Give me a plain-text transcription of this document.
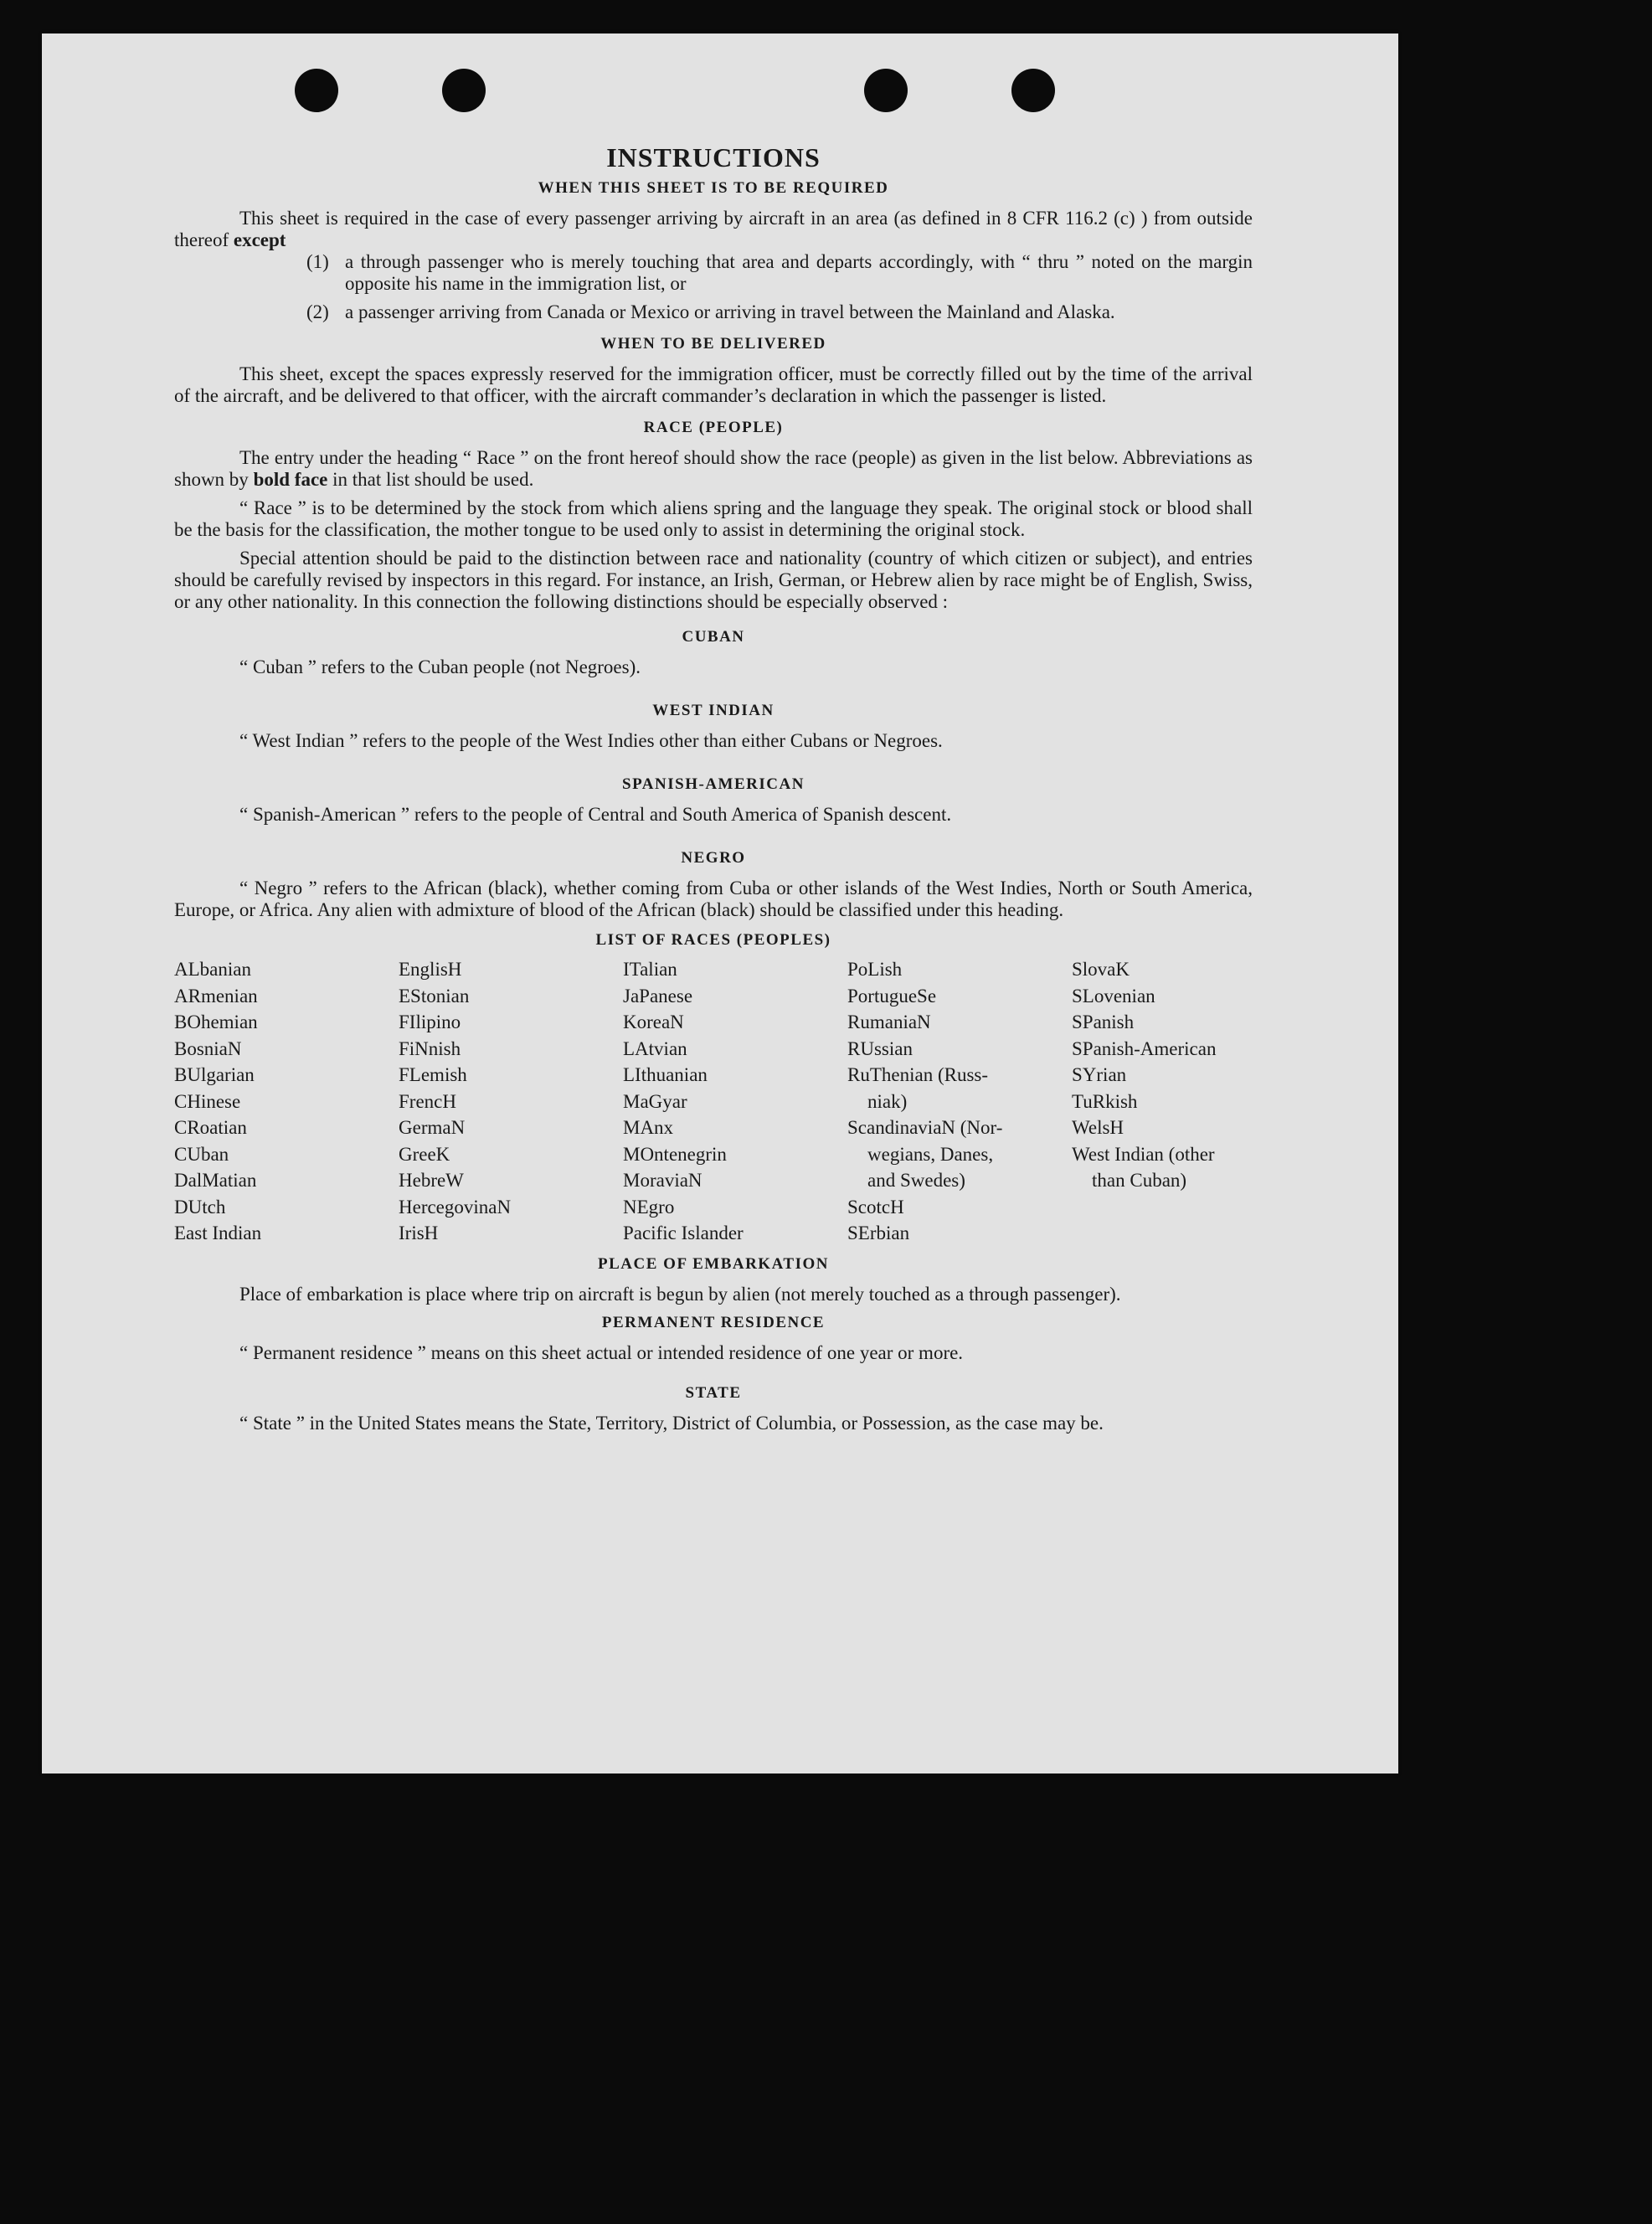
INSTRUCTIONS
WHEN THIS SHEET IS TO BE REQUIRED

This sheet is required in the case of every passenger arriving by aircraft in an area (as defined in 8 CFR 116.2 (c) ) from outside thereof except

(1) a through passenger who is merely touching that area and departs accordingly, with “ thru ” noted on the margin opposite his name in the immigration list, or
(2) a passenger arriving from Canada or Mexico or arriving in travel between the Mainland and Alaska.
WHEN TO BE DELIVERED

This sheet, except the spaces expressly reserved for the immigration officer, must be correctly filled out by the time of the arrival of the aircraft, and be delivered to that officer, with the aircraft commander’s declaration in which the passenger is listed.

RACE (PEOPLE)

The entry under the heading “ Race ” on the front hereof should show the race (people) as given in the list below. Abbreviations as shown by bold face in that list should be used.

“ Race ” is to be determined by the stock from which aliens spring and the language they speak. The original stock or blood shall be the basis for the classification, the mother tongue to be used only to assist in determining the original stock.

Special attention should be paid to the distinction between race and nationality (country of which citizen or subject), and entries should be carefully revised by inspectors in this regard. For instance, an Irish, German, or Hebrew alien by race might be of English, Swiss, or any other nationality. In this connection the following distinctions should be especially observed :

CUBAN

“ Cuban ” refers to the Cuban people (not Negroes).

WEST INDIAN

“ West Indian ” refers to the people of the West Indies other than either Cubans or Negroes.

SPANISH-AMERICAN

“ Spanish-American ” refers to the people of Central and South America of Spanish descent.

NEGRO

“ Negro ” refers to the African (black), whether coming from Cuba or other islands of the West Indies, North or South America, Europe, or Africa. Any alien with admixture of blood of the African (black) should be classified under this heading.

LIST OF RACES (PEOPLES)
ALbanian
ARmenian
BOhemian
BosniaN
BUlgarian
CHinese
CRoatian
CUban
DalMatian
DUtch
East Indian
EnglisH
EStonian
FIlipino
FiNnish
FLemish
FrencH
GermaN
GreeK
HebreW
HercegovinaN
IrisH
ITalian
JaPanese
KoreaN
LAtvian
LIthuanian
MaGyar
MAnx
MOntenegrin
MoraviaN
NEgro
Pacific Islander
PoLish
PortugueSe
RumaniaN
RUssian
RuThenian (Russ-
niak)
ScandinaviaN (Nor-
wegians, Danes,
and Swedes)
ScotcH
SErbian
SlovaK
SLovenian
SPanish
SPanish-American
SYrian
TuRkish
WelsH
West Indian (other
than Cuban)
PLACE OF EMBARKATION

Place of embarkation is place where trip on aircraft is begun by alien (not merely touched as a through passenger).

PERMANENT RESIDENCE

“ Permanent residence ” means on this sheet actual or intended residence of one year or more.

STATE

“ State ” in the United States means the State, Territory, District of Columbia, or Possession, as the case may be.
